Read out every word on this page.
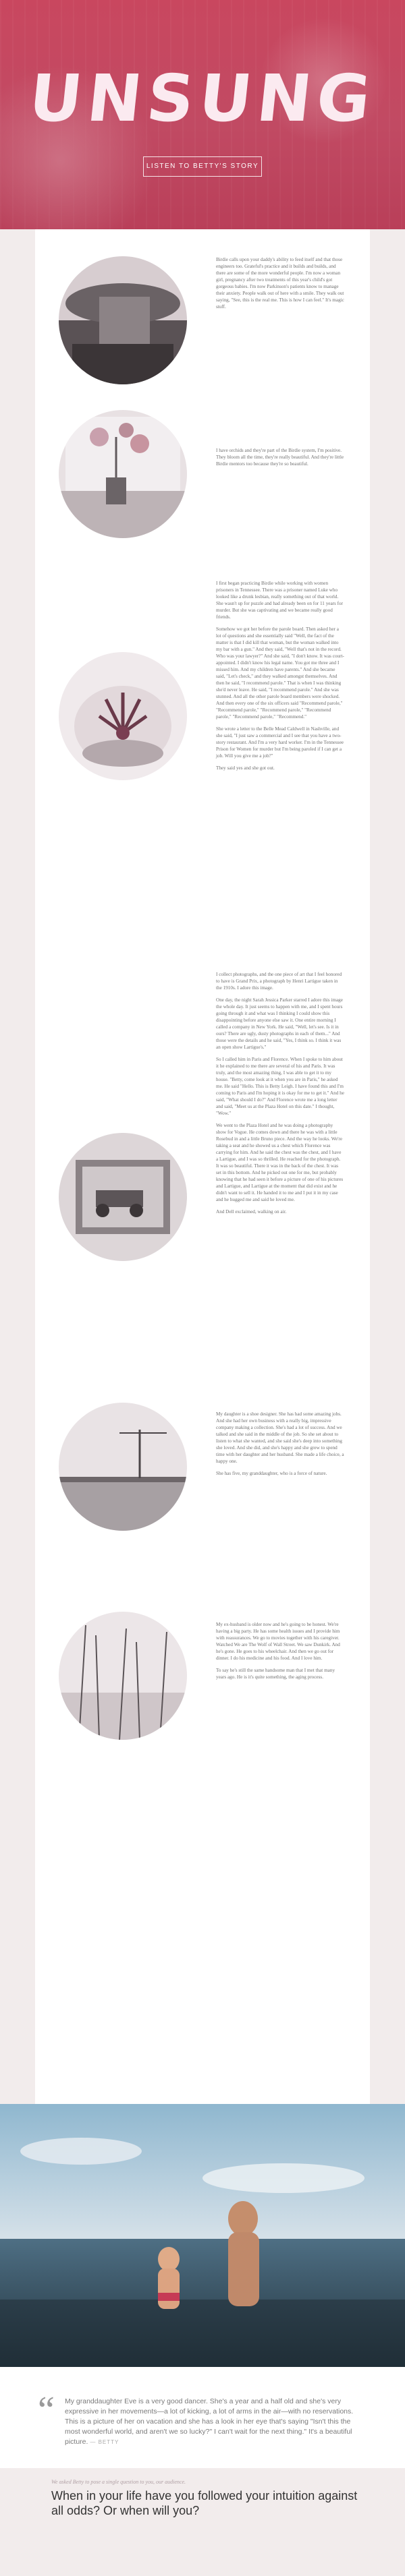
UNSUNG
LISTEN TO BETTY'S STORY

Birdie calls upon your daddy's ability to feed itself and that those engineers too. Grateful's practice and it builds and builds, and there are some of the more wonderful people. I'm now a woman girl, pregnancy after two treatments of this year's child's got gorgeous babies. I'm now Parkinson's patients know to manage their anxiety. People walk out of here with a smile. They walk out saying, "See, this is the real me. This is how I can feel." It's magic stuff.

I have orchids and they're part of the Birdie system, I'm positive. They bloom all the time, they're really beautiful. And they're little Birdie mentors too because they're so beautiful.

I first began practicing Birdie while working with women prisoners in Tennessee. There was a prisoner named Luke who looked like a drunk lesbian, really something out of that world. She wasn't up for puzzle and had already been on for 11 years for murder. But she was captivating and we became really good friends.

Somehow we got her before the parole board. Then asked her a lot of questions and she essentially said "Well, the fact of the matter is that I did kill that woman, but the woman walked into my bar with a gun." And they said, "Well that's not in the record. Who was your lawyer?" And she said, "I don't know. It was court-appointed. I didn't know his legal name. You got me three and I missed him. And my children have parents." And she became said, "Let's check," and they walked amongst themselves. And then he said, "I recommend parole." That is when I was thinking she'd never leave. He said, "I recommend parole." And she was stunned. And all the other parole board members were shocked. And then every one of the six officers said "Recommend parole," "Recommend parole," "Recommend parole," "Recommend parole," "Recommend parole," "Recommend."

She wrote a letter to the Belle Mead Caldwell in Nashville, and she said, "I just saw a commercial and I see that you have a two-story restaurant. And I'm a very hard worker. I'm in the Tennessee Prison for Women for murder but I'm being paroled if I can get a job. Will you give me a job?"

They said yes and she got out.

I collect photographs, and the one piece of art that I feel honored to have is Grand Prix, a photograph by Henri Lartigue taken in the 1910s. I adore this image.

One day, the night Sarah Jessica Parker starred I adore this image the whole day. It just seems to happen with me, and I spent hours going through it and what was I thinking I could show this disappointing before anyone else saw it. One entire morning I called a company in New York. He said, "Well, let's see. Is it in ours? There are ugly, dusty photographs in each of them..." And those were the details and he said, "Yes, I think so. I think it was an open show Lartigue's."

So I called him in Paris and Florence. When I spoke to him about it he explained to me there are several of his and Paris. It was truly, and the most amazing thing, I was able to get it to my house. "Betty, come look at it when you are in Paris," he asked me. He said "Hello. This is Betty Leigh. I have found this and I'm coming to Paris and I'm hoping it is okay for me to get it." And he said, "What should I do?" And Florence wrote me a long letter and said, "Meet us at the Plaza Hotel on this date." I thought, "Wow."

We went to the Plaza Hotel and he was doing a photography show for Vogue. He comes down and there he was with a little Rosebud in and a little Bruno piece. And the way he looks. We're taking a seat and he showed us a chest which Florence was carrying for him. And he said the chest was the chest, and I have a Lartigue, and I was so thrilled. He reached for the photograph. It was so beautiful. There it was in the back of the chest. It was set in this bottom. And he picked out one for me, but probably knowing that he had seen it before a picture of one of his pictures and Lartigue, and Lartigue at the moment that did exist and he didn't want to sell it. He handed it to me and I put it in my case and he hugged me and said he loved me.

And Dell exclaimed, walking on air.

My daughter is a shoe designer. She has had some amazing jobs. And she had her own business with a really big, impressive company making a collection. She's had a lot of success. And we talked and she said in the middle of the job. So she set about to listen to what she wanted, and she said she's deep into something she loved. And she did, and she's happy and she grew to spend time with her daughter and her husband. She made a life choice, a happy one.

She has five, my granddaughter, who is a force of nature.

My ex-husband is older now and he's going to be honest. We're having a big party. He has some health issues and I provide him with reassurances. We go to movies together with his caregiver. Watched We are The Wolf of Wall Street. We saw Dunkirk. And he's gone. He goes to his wheelchair. And then we go out for dinner. I do his medicine and his food. And I love him.

To say he's still the same handsome man that I met that many years ago. He is it's quite something, the aging process.

“ My granddaughter Eve is a very good dancer. She's a year and a half old and she's very expressive in her movements—a lot of kicking, a lot of arms in the air—with no reservations. This is a picture of her on vacation and she has a look in her eye that's saying "Isn't this the most wonderful world, and aren't we so lucky?" I can't wait for the next thing." It's a beautiful picture. — BETTY
We asked Betty to pose a single question to you, our audience.
When in your life have you followed your intuition against all odds? Or when will you?
